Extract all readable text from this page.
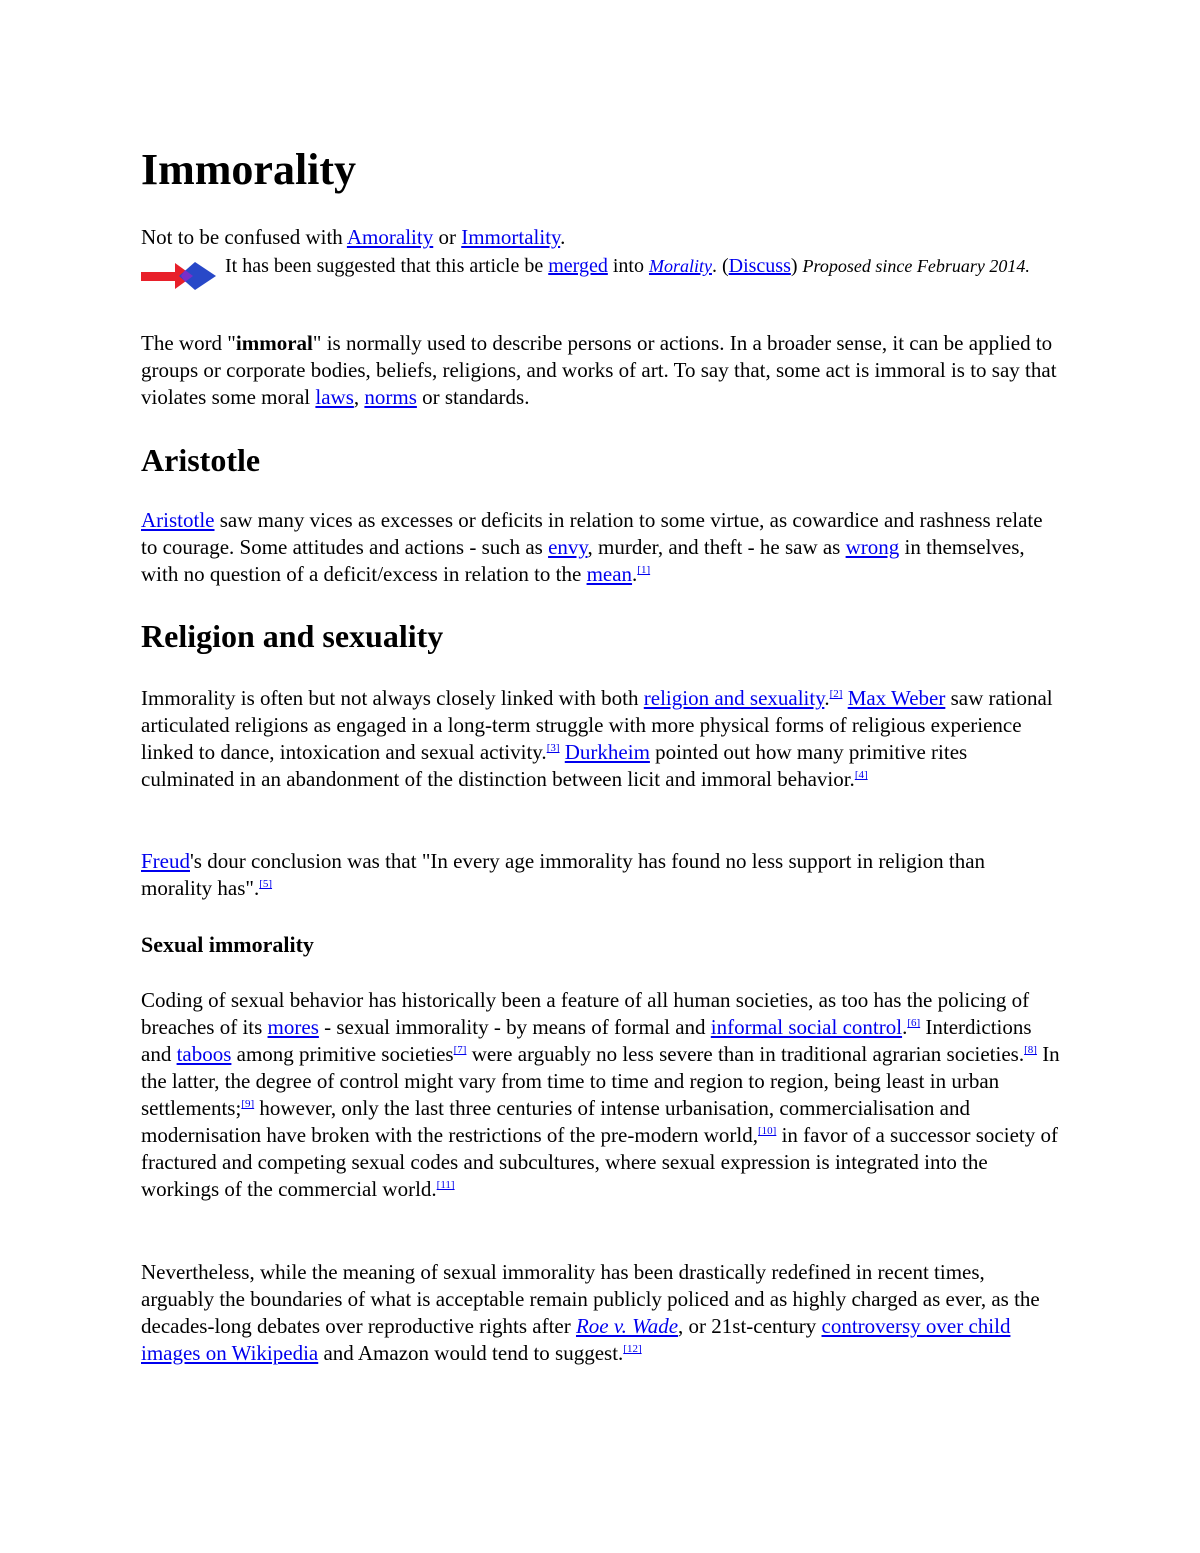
Immorality

Not to be confused with Amorality or Immortality.

It has been suggested that this article be merged into Morality. (Discuss) Proposed since February 2014.

The word "immoral" is normally used to describe persons or actions. In a broader sense, it can be applied to groups or corporate bodies, beliefs, religions, and works of art. To say that, some act is immoral is to say that violates some moral laws, norms or standards.

Aristotle

Aristotle saw many vices as excesses or deficits in relation to some virtue, as cowardice and rashness relate to courage. Some attitudes and actions - such as envy, murder, and theft - he saw as wrong in themselves, with no question of a deficit/excess in relation to the mean.[1]

Religion and sexuality

Immorality is often but not always closely linked with both religion and sexuality.[2] Max Weber saw rational articulated religions as engaged in a long-term struggle with more physical forms of religious experience linked to dance, intoxication and sexual activity.[3] Durkheim pointed out how many primitive rites culminated in an abandonment of the distinction between licit and immoral behavior.[4]

Freud's dour conclusion was that "In every age immorality has found no less support in religion than morality has".[5]

Sexual immorality

Coding of sexual behavior has historically been a feature of all human societies, as too has the policing of breaches of its mores - sexual immorality - by means of formal and informal social control.[6] Interdictions and taboos among primitive societies[7] were arguably no less severe than in traditional agrarian societies.[8] In the latter, the degree of control might vary from time to time and region to region, being least in urban settlements;[9] however, only the last three centuries of intense urbanisation, commercialisation and modernisation have broken with the restrictions of the pre-modern world,[10] in favor of a successor society of fractured and competing sexual codes and subcultures, where sexual expression is integrated into the workings of the commercial world.[11]

Nevertheless, while the meaning of sexual immorality has been drastically redefined in recent times, arguably the boundaries of what is acceptable remain publicly policed and as highly charged as ever, as the decades-long debates over reproductive rights after Roe v. Wade, or 21st-century controversy over child images on Wikipedia and Amazon would tend to suggest.[12]
